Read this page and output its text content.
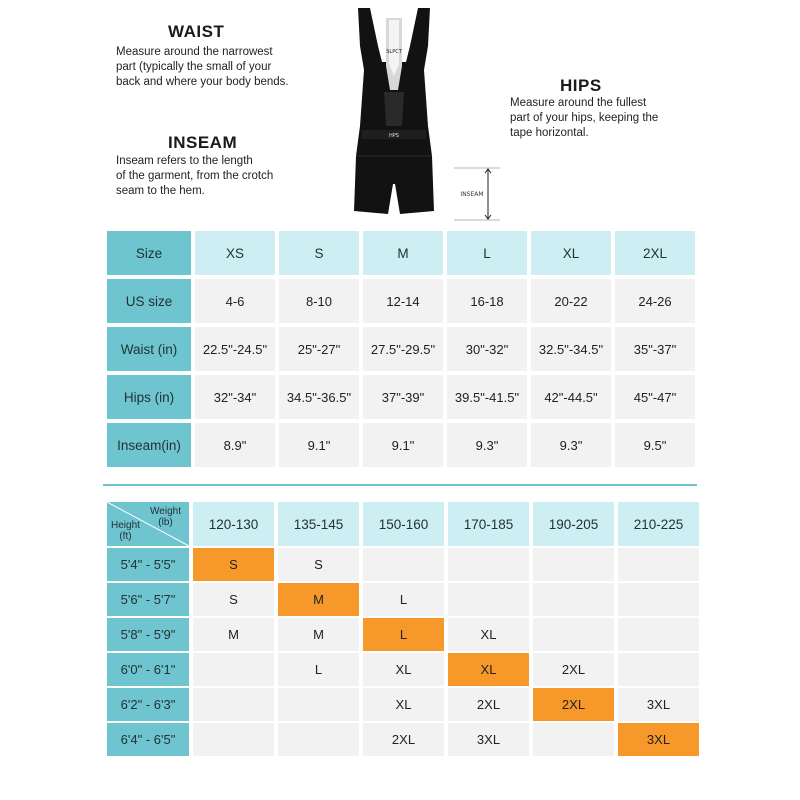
WAIST
Measure around the narrowest
part (typically the small of your
back and where your body bends.	HIPS
Measure around the fullest
part of your hips, keeping the
tape horizontal.
INSEAM
Inseam refers to the length
of the garment, from the crotch
seam to the hem.
SLPCT
HPS
INSEAM
Size	XS	S	M	L	XL	2XL
US size	4-6	8-10	12-14	16-18	20-22	24-26
Waist (in)	22.5"-24.5"	25"-27"	27.5"-29.5"	30"-32"	32.5"-34.5"	35"-37"
Hips (in)	32"-34"	34.5"-36.5"	37"-39"	39.5"-41.5"	42"-44.5"	45"-47"
Inseam(in)	8.9"	9.1"	9.1"	9.3"	9.3"	9.5"
Weight
(lb)
Height
(ft)	120-130	135-145	150-160	170-185	190-205	210-225
5'4" - 5'5"	S	S				
5'6" - 5'7"	S	M	L			
5'8" - 5'9"	M	M	L	XL		
6'0" - 6'1"		L	XL	XL	2XL	
6'2" - 6'3"			XL	2XL	2XL	3XL
6'4" - 6'5"			2XL	3XL		3XL
